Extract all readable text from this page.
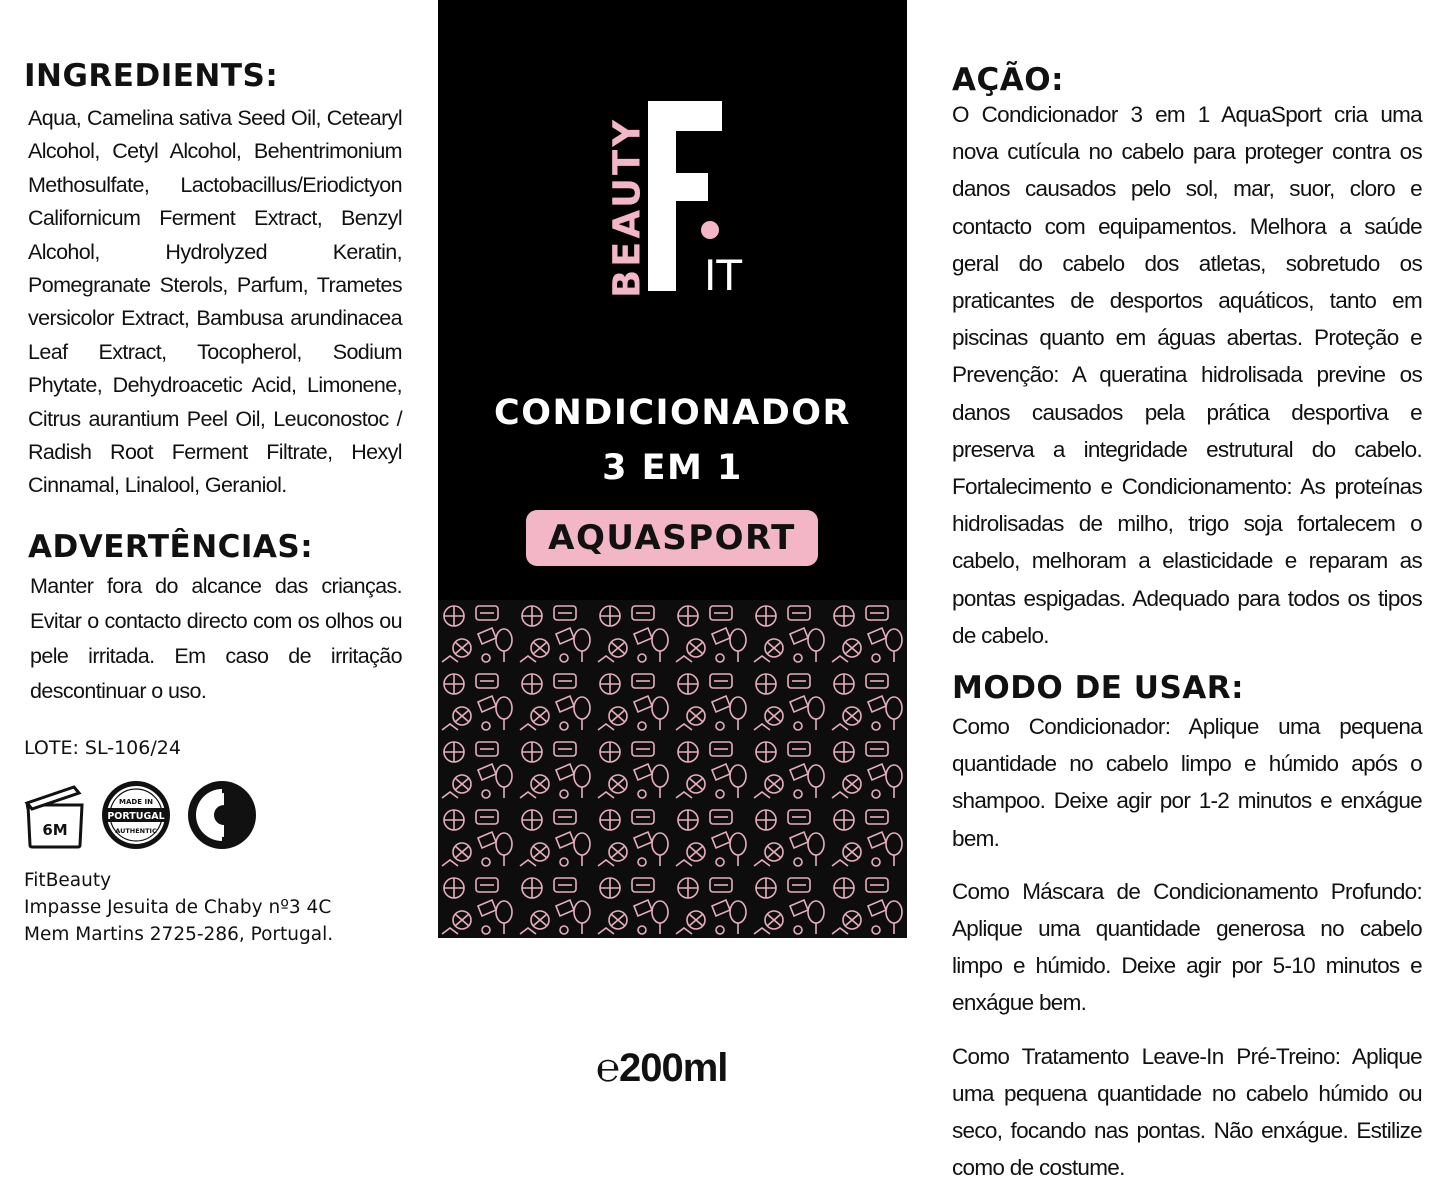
INGREDIENTS:

Aqua, Camelina sativa Seed Oil, Cetearyl Alcohol, Cetyl Alcohol, Behentrimonium Methosulfate, Lactobacillus/Eriodictyon Californicum Ferment Extract, Benzyl Alcohol, Hydrolyzed Keratin, Pomegranate Sterols, Parfum, Trametes versicolor Extract, Bambusa arundinacea Leaf Extract, Tocopherol, Sodium Phytate, Dehydroacetic Acid, Limonene, Citrus aurantium Peel Oil, Leuconostoc / Radish Root Ferment Filtrate, Hexyl Cinnamal, Linalool, Geraniol.

ADVERTÊNCIAS:

Manter fora do alcance das crianças. Evitar o contacto directo com os olhos ou pele irritada. Em caso de irritação descontinuar o uso.

LOTE: SL-106/24
6M
MADE IN
PORTUGAL
AUTHENTIC
FitBeauty
Impasse Jesuita de Chaby nº3 4C
Mem Martins 2725-286, Portugal.
BEAUTY IT
CONDICIONADOR
3 EM 1
AQUASPORT
℮200ml
AÇÃO:

O Condicionador 3 em 1 AquaSport cria uma nova cutícula no cabelo para proteger contra os danos causados pelo sol, mar, suor, cloro e contacto com equipamentos. Melhora a saúde geral do cabelo dos atletas, sobretudo os praticantes de desportos aquáticos, tanto em piscinas quanto em águas abertas. Proteção e Prevenção: A queratina hidrolisada previne os danos causados pela prática desportiva e preserva a integridade estrutural do cabelo. Fortalecimento e Condicionamento: As proteínas hidrolisadas de milho, trigo soja fortalecem o cabelo, melhoram a elasticidade e reparam as pontas espigadas. Adequado para todos os tipos de cabelo.

MODO DE USAR:

Como Condicionador: Aplique uma pequena quantidade no cabelo limpo e húmido após o shampoo. Deixe agir por 1-2 minutos e enxágue bem.

Como Máscara de Condicionamento Profundo: Aplique uma quantidade generosa no cabelo limpo e húmido. Deixe agir por 5-10 minutos e enxágue bem.

Como Tratamento Leave-In Pré-Treino: Aplique uma pequena quantidade no cabelo húmido ou seco, focando nas pontas. Não enxágue. Estilize como de costume.
